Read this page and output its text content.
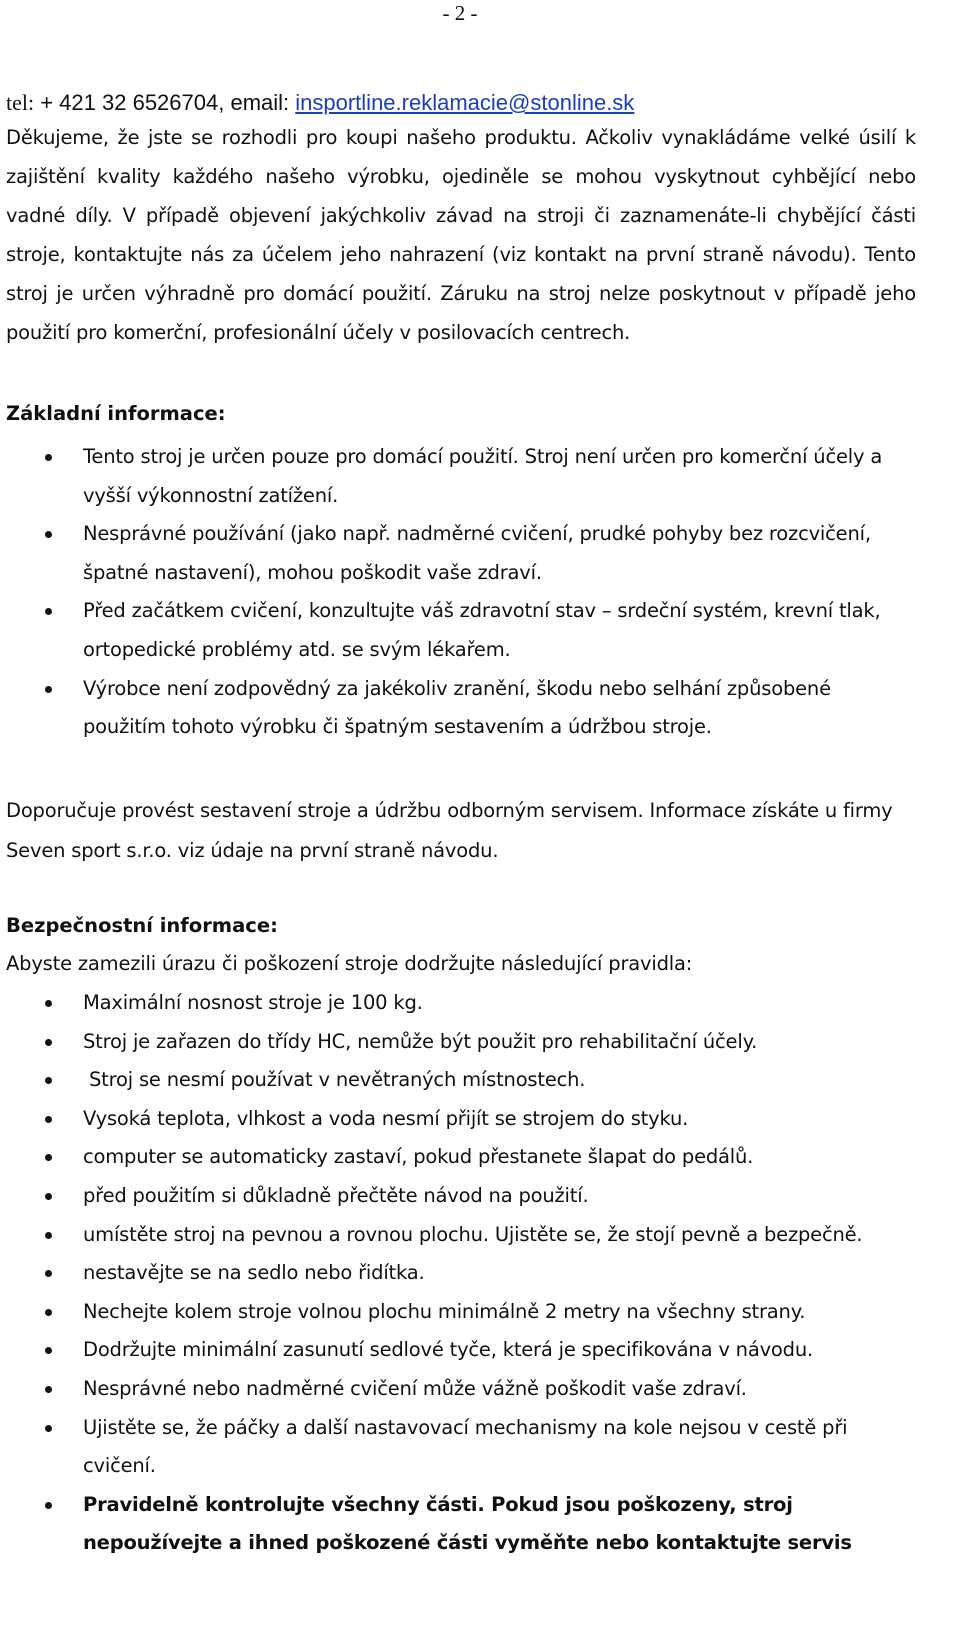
- 2 -
tel: + 421 32 6526704, email: insportline.reklamacie@stonline.sk
Děkujeme, že jste se rozhodli pro koupi našeho produktu. Ačkoliv vynakládáme velké úsilí k zajištění kvality každého našeho výrobku, ojediněle se mohou vyskytnout cyhbějící nebo vadné díly. V případě objevení jakýchkoliv závad na stroji či zaznamenáte-li chybějící části stroje, kontaktujte nás za účelem jeho nahrazení (viz kontakt na první straně návodu). Tento stroj je určen výhradně pro domácí použití. Záruku na stroj nelze poskytnout v případě jeho použití pro komerční, profesionální účely v posilovacích centrech.
Základní informace:
Tento stroj je určen pouze pro domácí použití. Stroj není určen pro komerční účely a vyšší výkonnostní zatížení.
Nesprávné používání (jako např. nadměrné cvičení, prudké pohyby bez rozcvičení, špatné nastavení), mohou poškodit vaše zdraví.
Před začátkem cvičení, konzultujte váš zdravotní stav – srdeční systém, krevní tlak, ortopedické problémy atd. se svým lékařem.
Výrobce není zodpovědný za jakékoliv zranění, škodu nebo selhání způsobené použitím tohoto výrobku či špatným sestavením a údržbou stroje.
Doporučuje provést sestavení stroje a údržbu odborným servisem. Informace získáte u firmy Seven sport s.r.o. viz údaje na první straně návodu.
Bezpečnostní informace:
Abyste zamezili úrazu či poškození stroje dodržujte následující pravidla:
Maximální nosnost stroje je 100 kg.
Stroj je zařazen do třídy HC, nemůže být použit pro rehabilitační účely.
Stroj se nesmí používat v nevětraných místnostech.
Vysoká teplota, vlhkost a voda nesmí přijít se strojem do styku.
computer se automaticky zastaví, pokud přestanete šlapat do pedálů.
před použitím si důkladně přečtěte návod na použití.
umístěte stroj na pevnou a rovnou plochu. Ujistěte se, že stojí pevně a bezpečně.
nestavějte se na sedlo nebo řidítka.
Nechejte kolem stroje volnou plochu minimálně 2 metry na všechny strany.
Dodržujte minimální zasunutí sedlové tyče, která je specifikována v návodu.
Nesprávné nebo nadměrné cvičení může vážně poškodit vaše zdraví.
Ujistěte se, že páčky a další nastavovací mechanismy na kole nejsou v cestě při cvičení.
Pravidelně kontrolujte všechny části. Pokud jsou poškozeny, stroj nepoužívejte a ihned poškozené části vyměňte nebo kontaktujte servis
